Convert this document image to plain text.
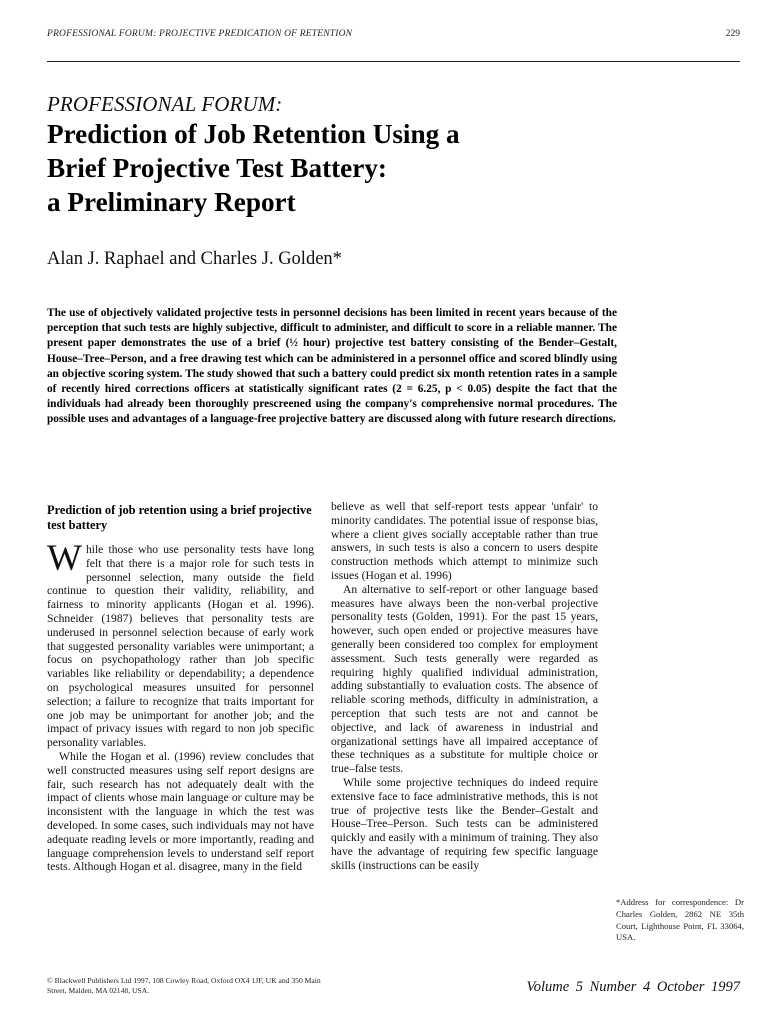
PROFESSIONAL FORUM: PROJECTIVE PREDICATION OF RETENTION	229
PROFESSIONAL FORUM:
Prediction of Job Retention Using a
Brief Projective Test Battery:
a Preliminary Report
Alan J. Raphael and Charles J. Golden*

The use of objectively validated projective tests in personnel decisions has been limited in recent years because of the perception that such tests are highly subjective, difficult to administer, and difficult to score in a reliable manner. The present paper demonstrates the use of a brief (½ hour) projective test battery consisting of the Bender–Gestalt, House–Tree–Person, and a free drawing test which can be administered in a personnel office and scored blindly using an objective scoring system. The study showed that such a battery could predict six month retention rates in a sample of recently hired corrections officers at statistically significant rates (2 = 6.25, p < 0.05) despite the fact that the individuals had already been thoroughly prescreened using the company's comprehensive normal procedures. The possible uses and advantages of a language-free projective battery are discussed along with future research directions.

Prediction of job retention using a brief projective test battery

While those who use personality tests have long felt that there is a major role for such tests in personnel selection, many outside the field continue to question their validity, reliability, and fairness to minority applicants (Hogan et al. 1996). Schneider (1987) believes that personality tests are underused in personnel selection because of early work that suggested personality variables were unimportant; a focus on psychopathology rather than job specific variables like reliability or dependability; a dependence on psychological measures unsuited for personnel selection; a failure to recognize that traits important for one job may be unimportant for another job; and the impact of privacy issues with regard to non job specific personality variables.

While the Hogan et al. (1996) review concludes that well constructed measures using self report designs are fair, such research has not adequately dealt with the impact of clients whose main language or culture may be inconsistent with the language in which the test was developed. In some cases, such individuals may not have adequate reading levels or more importantly, reading and language comprehension levels to understand self report tests. Although Hogan et al. disagree, many in the field

believe as well that self-report tests appear 'unfair' to minority candidates. The potential issue of response bias, where a client gives socially acceptable rather than true answers, in such tests is also a concern to users despite construction methods which attempt to minimize such issues (Hogan et al. 1996)

An alternative to self-report or other language based measures have always been the non-verbal projective personality tests (Golden, 1991). For the past 15 years, however, such open ended or projective measures have generally been considered too complex for employment assessment. Such tests generally were regarded as requiring highly qualified individual administration, adding substantially to evaluation costs. The absence of reliable scoring methods, difficulty in administration, a perception that such tests are not and cannot be objective, and lack of awareness in industrial and organizational settings have all impaired acceptance of these techniques as a substitute for multiple choice or true–false tests.

While some projective techniques do indeed require extensive face to face administrative methods, this is not true of projective tests like the Bender–Gestalt and House–Tree–Person. Such tests can be administered quickly and easily with a minimum of training. They also have the advantage of requiring few specific language skills (instructions can be easily

*Address for correspondence: Dr Charles Golden, 2862 NE 35th Court, Lighthouse Point, FL 33064, USA.
© Blackwell Publishers Ltd 1997, 108 Cowley Road, Oxford OX4 1JF, UK and 350 Main Street, Malden, MA 02148, USA.	Volume 5 Number 4 October 1997
